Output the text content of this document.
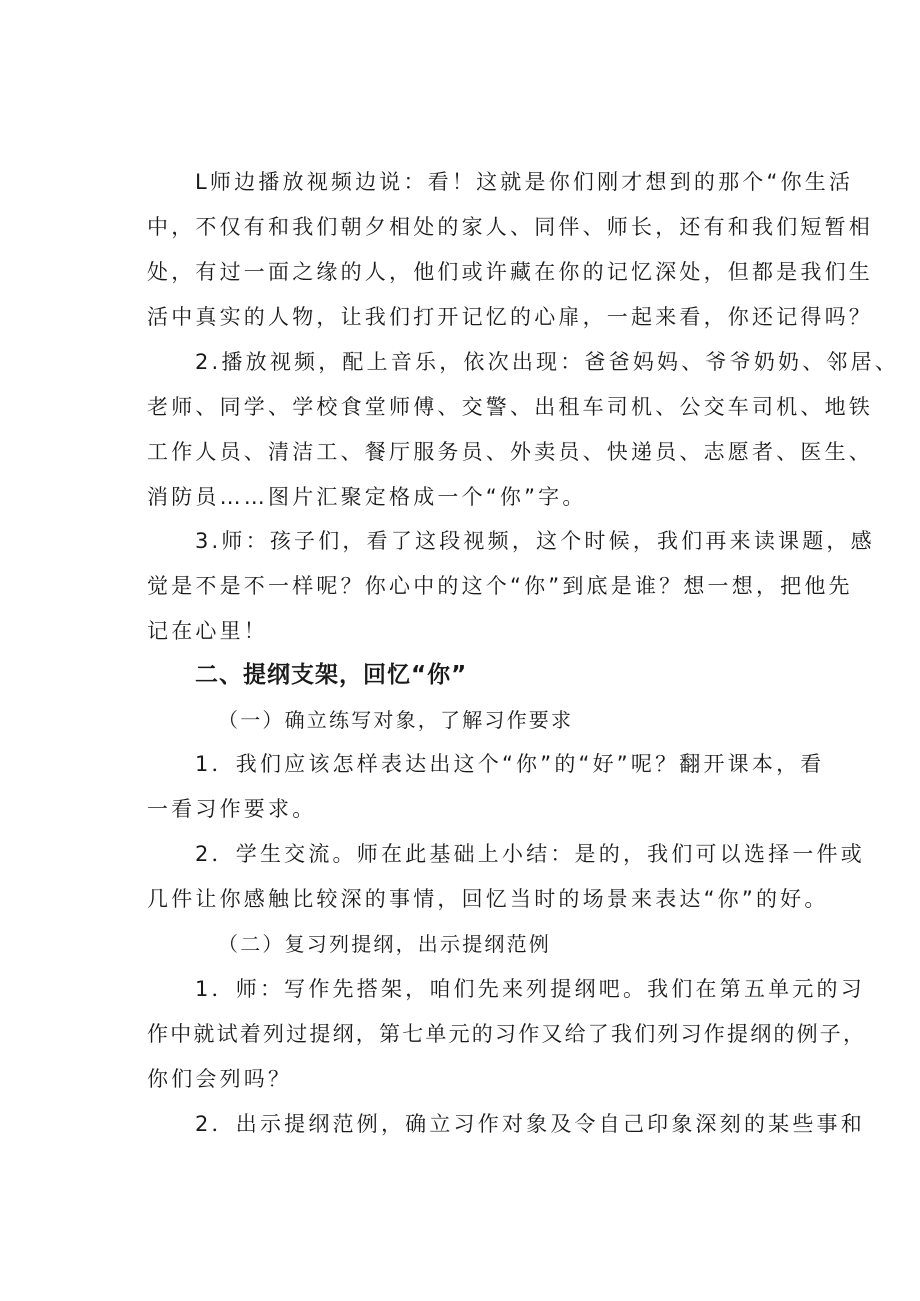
L师边播放视频边说：看！这就是你们刚才想到的那个“你生活
中，不仅有和我们朝夕相处的家人、同伴、师长，还有和我们短暂相
处，有过一面之缘的人，他们或许藏在你的记忆深处，但都是我们生
活中真实的人物，让我们打开记忆的心扉，一起来看，你还记得吗？
2.播放视频，配上音乐，依次出现：爸爸妈妈、爷爷奶奶、邻居、
老师、同学、学校食堂师傅、交警、出租车司机、公交车司机、地铁
工作人员、清洁工、餐厅服务员、外卖员、快递员、志愿者、医生、
消防员……图片汇聚定格成一个“你”字。
3.师：孩子们，看了这段视频，这个时候，我们再来读课题，感
觉是不是不一样呢？你心中的这个“你”到底是谁？想一想，把他先
记在心里！
二、提纲支架，回忆“你”
（一）确立练写对象，了解习作要求
1．我们应该怎样表达出这个“你”的“好”呢？翻开课本，看
一看习作要求。
2．学生交流。师在此基础上小结：是的，我们可以选择一件或
几件让你感触比较深的事情，回忆当时的场景来表达“你”的好。
（二）复习列提纲，出示提纲范例
1．师：写作先搭架，咱们先来列提纲吧。我们在第五单元的习
作中就试着列过提纲，第七单元的习作又给了我们列习作提纲的例子，
你们会列吗？
2．出示提纲范例，确立习作对象及令自己印象深刻的某些事和
